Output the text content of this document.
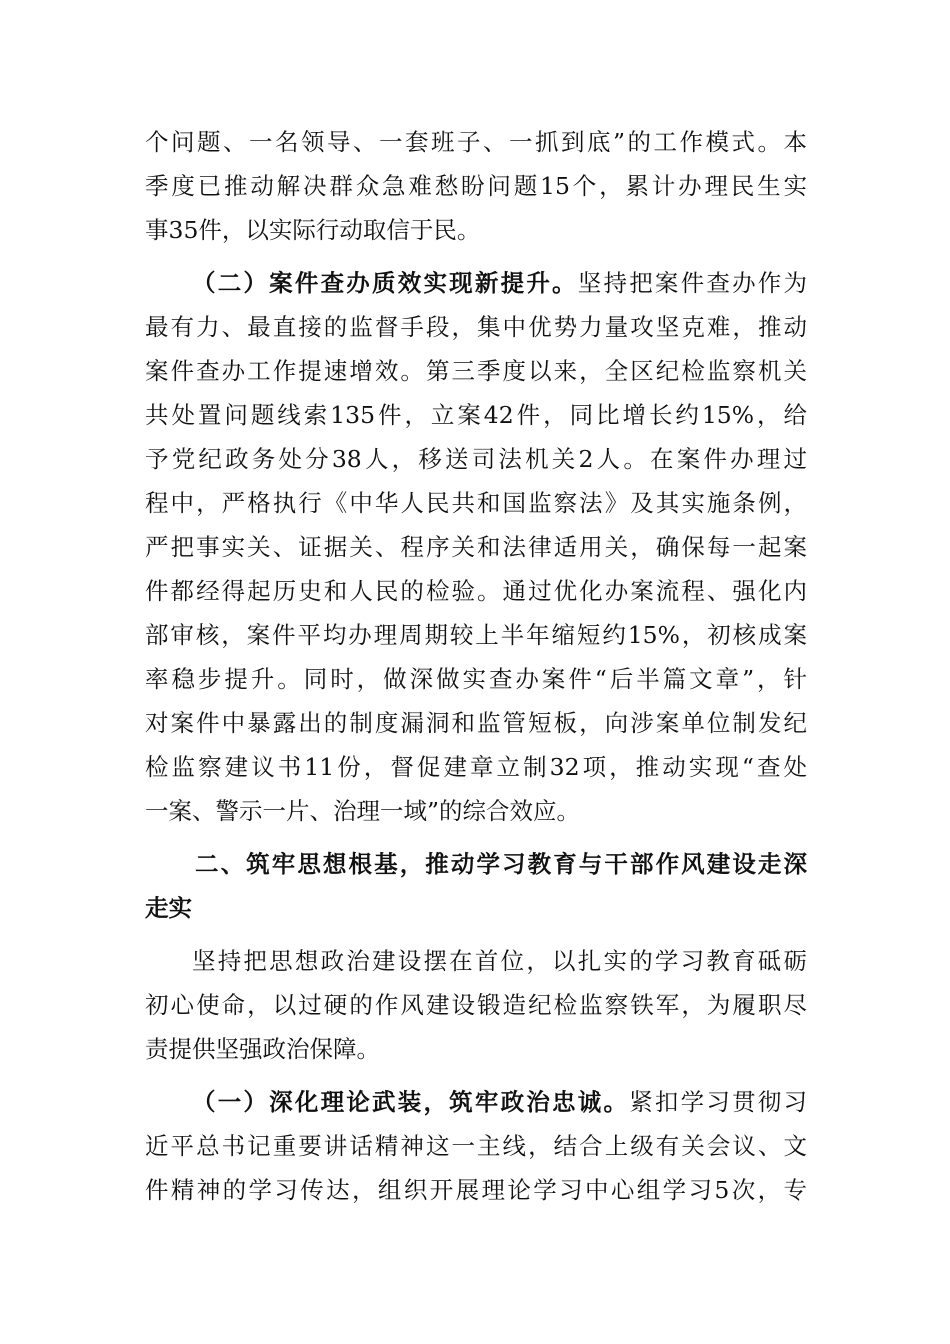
个问题、一名领导、一套班子、一抓到底”的工作模式。本
季度已推动解决群众急难愁盼问题15个，累计办理民生实
事35件，以实际行动取信于民。
（二）案件查办质效实现新提升。坚持把案件查办作为
最有力、最直接的监督手段，集中优势力量攻坚克难，推动
案件查办工作提速增效。第三季度以来，全区纪检监察机关
共处置问题线索135件，立案42件，同比增长约15%，给
予党纪政务处分38人，移送司法机关2人。在案件办理过
程中，严格执行《中华人民共和国监察法》及其实施条例，
严把事实关、证据关、程序关和法律适用关，确保每一起案
件都经得起历史和人民的检验。通过优化办案流程、强化内
部审核，案件平均办理周期较上半年缩短约15%，初核成案
率稳步提升。同时，做深做实查办案件“后半篇文章”，针
对案件中暴露出的制度漏洞和监管短板，向涉案单位制发纪
检监察建议书11份，督促建章立制32项，推动实现“查处
一案、警示一片、治理一域”的综合效应。
二、筑牢思想根基，推动学习教育与干部作风建设走深
走实
坚持把思想政治建设摆在首位，以扎实的学习教育砥砺
初心使命，以过硬的作风建设锻造纪检监察铁军，为履职尽
责提供坚强政治保障。
（一）深化理论武装，筑牢政治忠诚。紧扣学习贯彻习
近平总书记重要讲话精神这一主线，结合上级有关会议、文
件精神的学习传达，组织开展理论学习中心组学习5次，专
